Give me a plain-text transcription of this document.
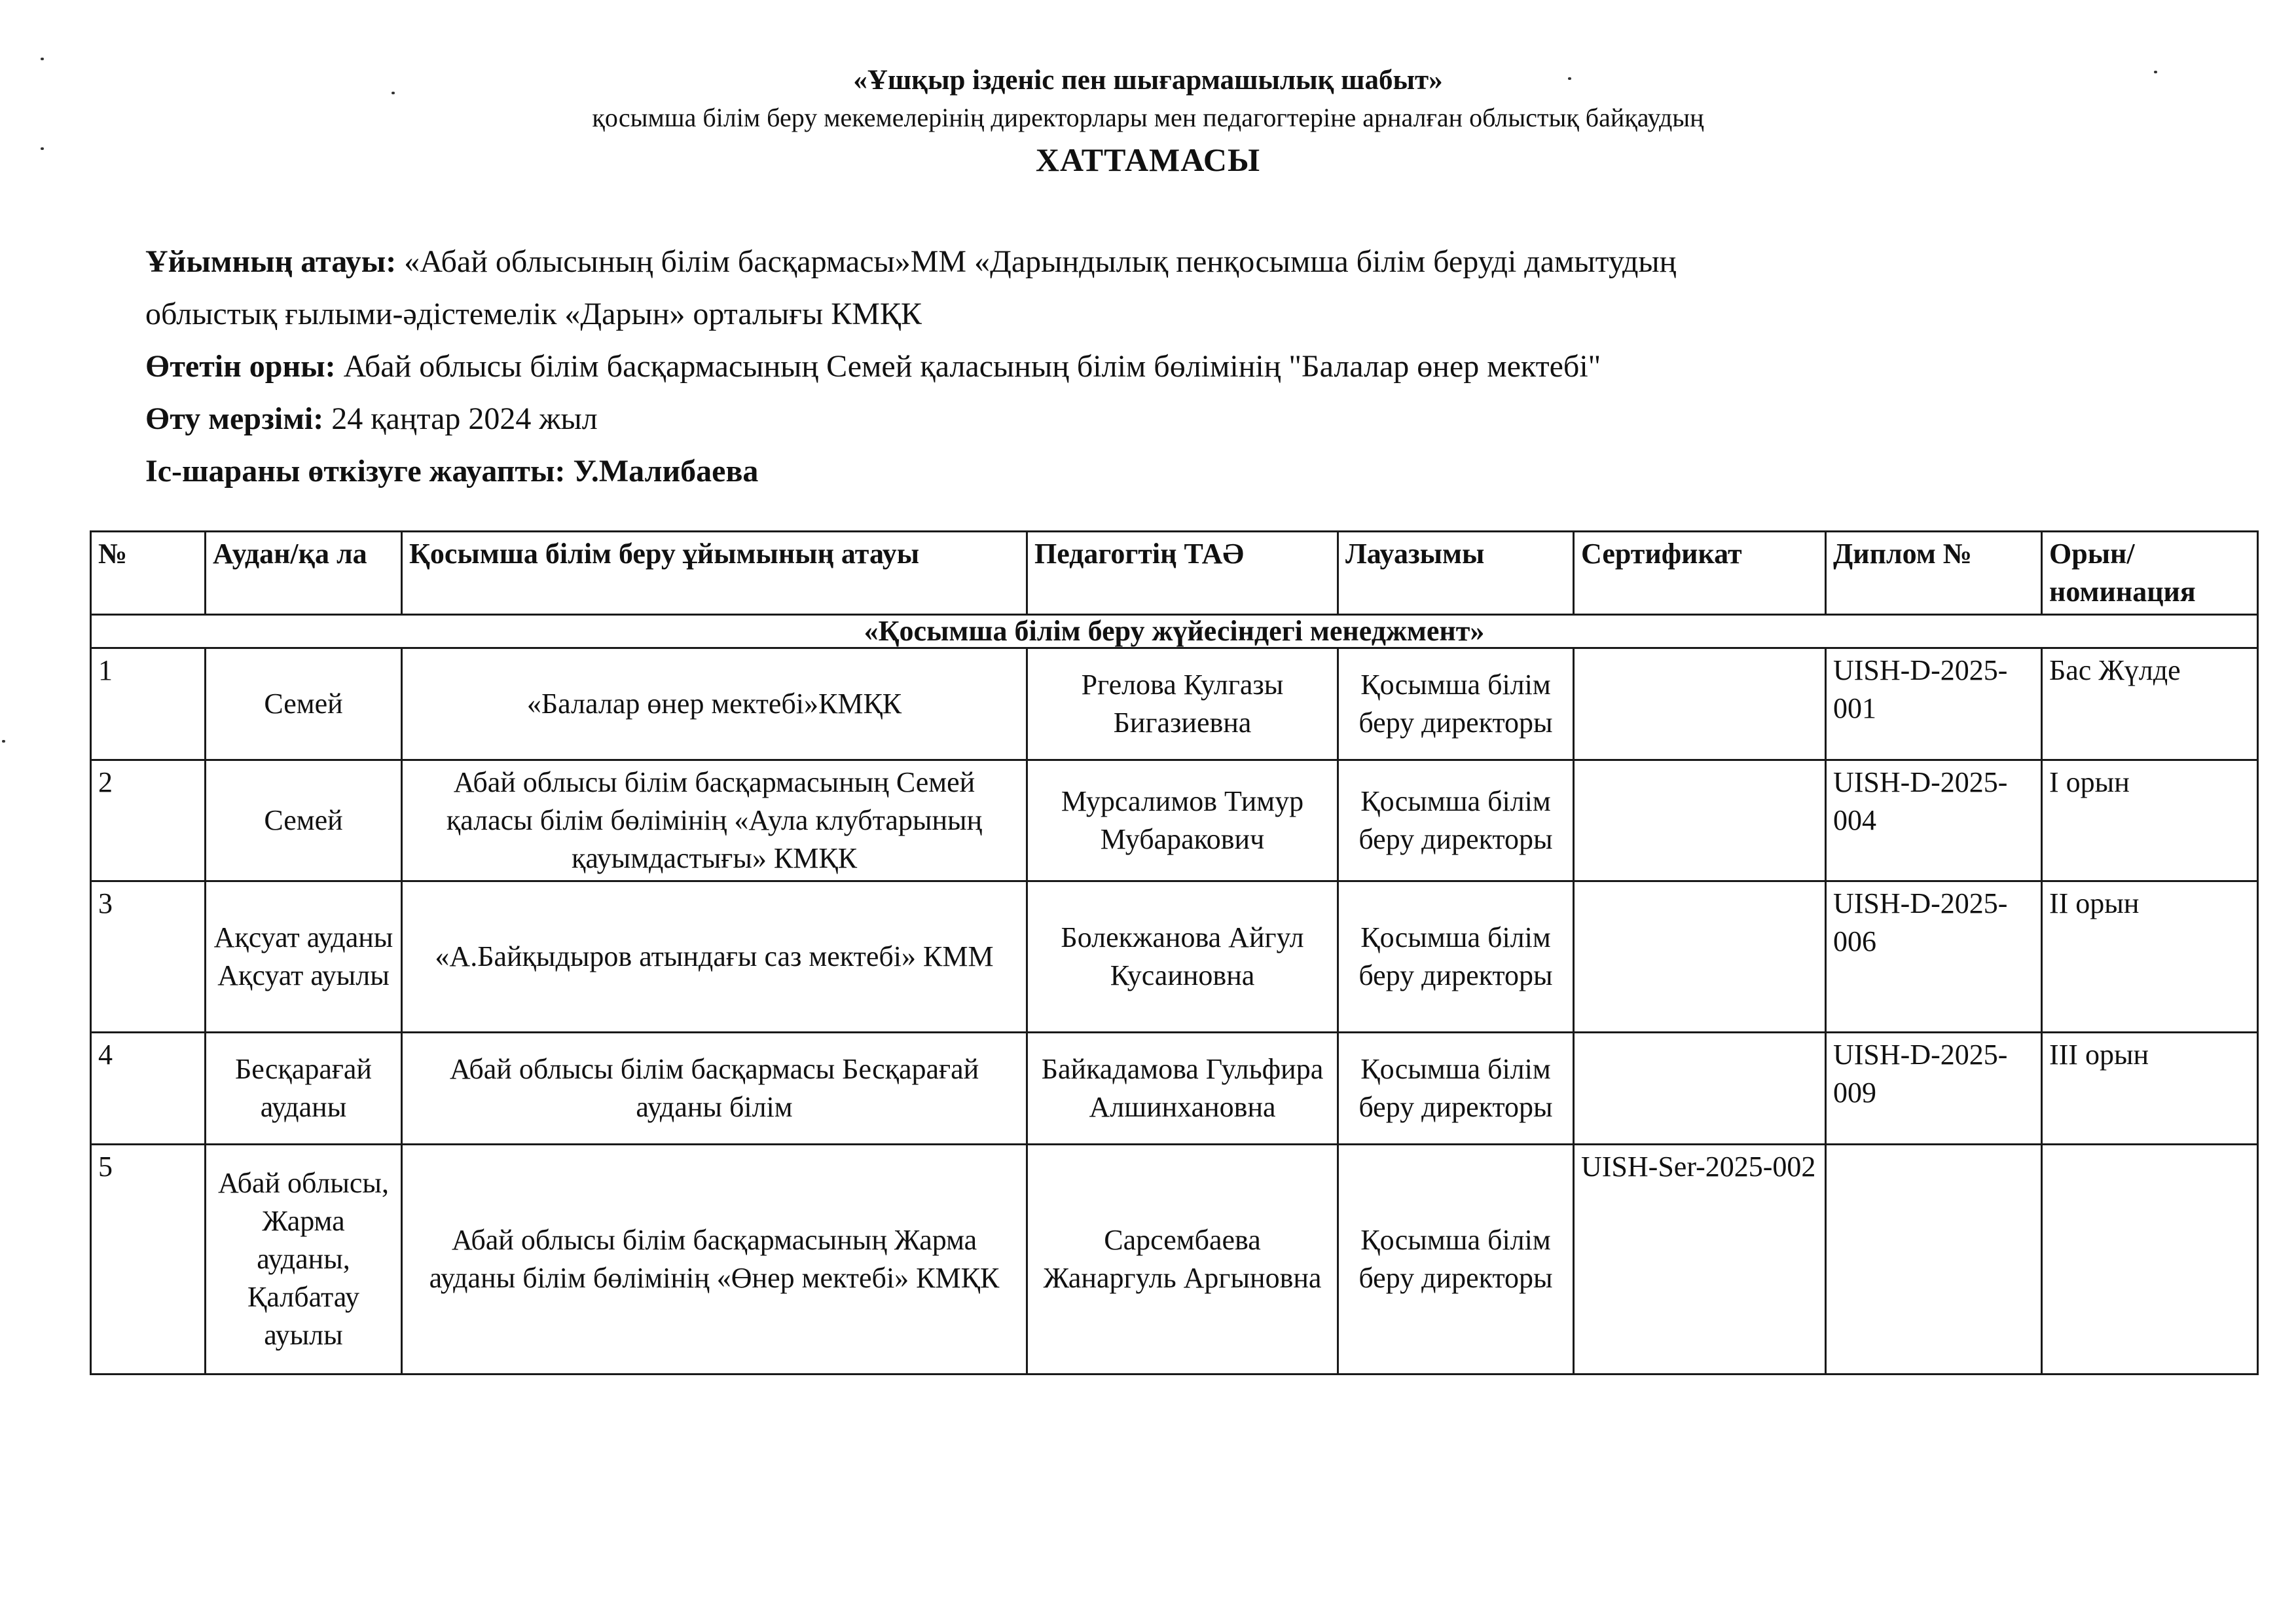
«Ұшқыр ізденіс пен шығармашылық шабыт»
қосымша білім беру мекемелерінің директорлары мен педагогтеріне арналған облыстық байқаудың
ХАТТАМАСЫ
Ұйымның атауы: «Абай облысының білім басқармасы»ММ «Дарындылық пенқосымша білім беруді дамытудың
облыстық ғылыми-әдістемелік «Дарын» орталығы КМҚК
Өтетін орны: Абай облысы білім басқармасының Семей қаласының білім бөлімінің "Балалар өнер мектебі"
Өту мерзімі: 24 қаңтар 2024 жыл
Іс-шараны өткізуге жауапты: У.Малибаева
№	Аудан/қа ла	Қосымша білім беру ұйымының атауы	Педагогтің ТАӘ	Лауазымы	Сертификат	Диплом №	Орын/ номинация
«Қосымша білім беру жүйесіндегі менеджмент»							
1	Семей	«Балалар өнер мектебі»КМҚК	Ргелова Кулгазы Бигазиевна	Қосымша білім беру директоры		UISH-D-2025-001	Бас Жүлде
2	Семей	Абай облысы білім басқармасының Семей қаласы білім бөлімінің «Аула клубтарының қауымдастығы» КМҚК	Мурсалимов Тимур Мубаракович	Қосымша білім беру директоры		UISH-D-2025-004	І орын
3	Ақсуат ауданы Ақсуат ауылы	«А.Байқыдыров атындағы саз мектебі» КММ	Болекжанова Айгул Кусаиновна	Қосымша білім беру директоры		UISH-D-2025-006	ІІ орын
4	Бесқарағай ауданы	Абай облысы білім басқармасы Бесқарағай ауданы білім	Байкадамова Гульфира Алшинхановна	Қосымша білім беру директоры		UISH-D-2025-009	ІІІ орын
5	Абай облысы, Жарма ауданы, Қалбатау ауылы	Абай облысы білім басқармасының Жарма ауданы білім бөлімінің «Өнер мектебі» КМҚК	Сарсембаева Жанаргуль Аргыновна	Қосымша білім беру директоры	UISH-Ser-2025-002		
